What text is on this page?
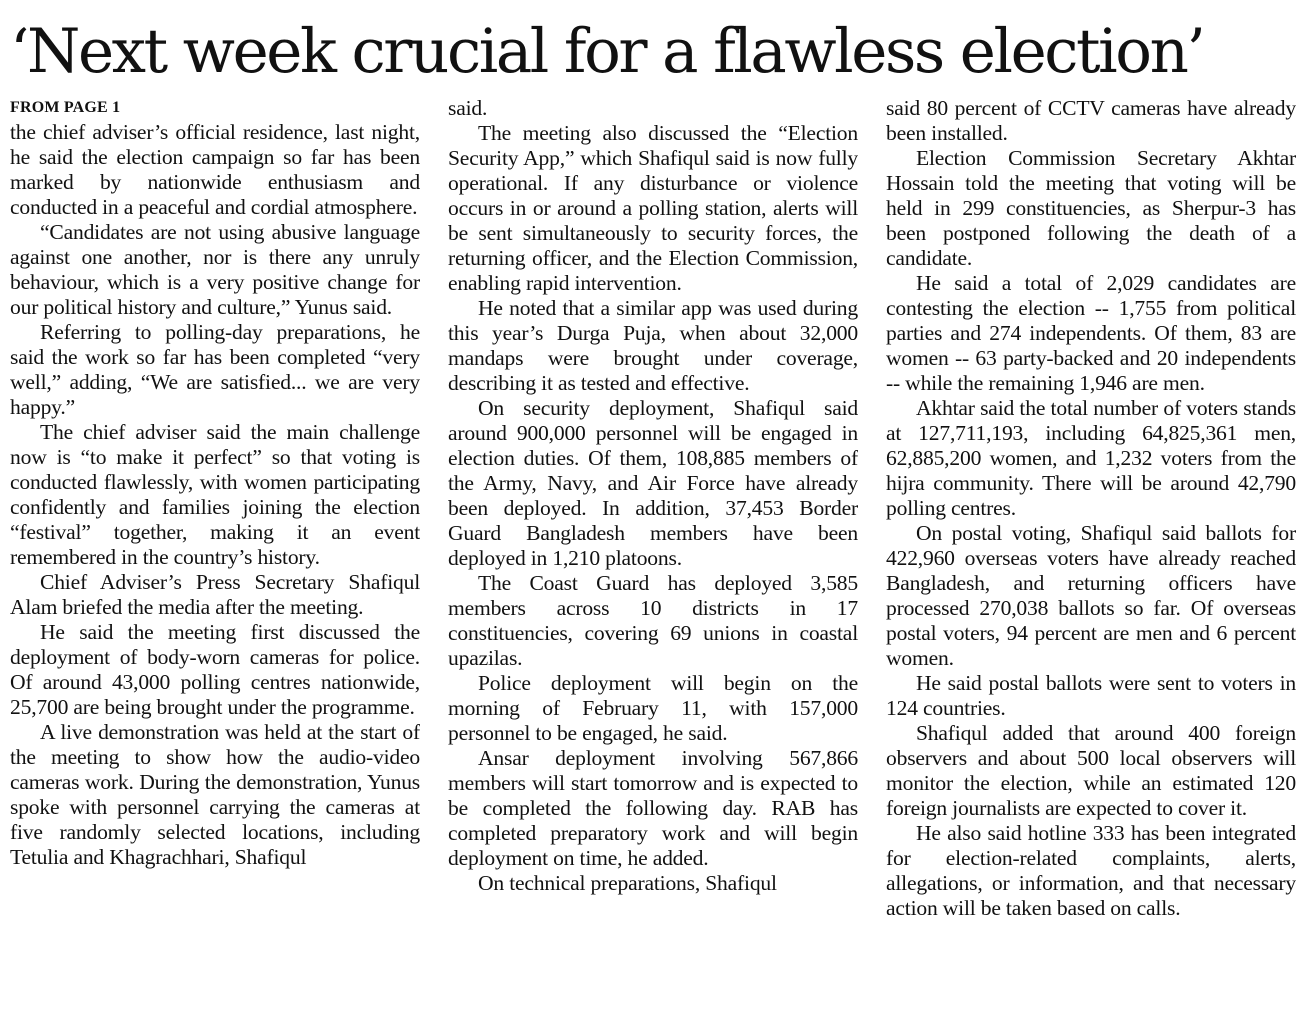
‘Next week crucial for a flawless election’
FROM PAGE 1

the chief adviser’s official residence, last night, he said the election campaign so far has been marked by nationwide enthusiasm and conducted in a peaceful and cordial atmosphere.

“Candidates are not using abusive language against one another, nor is there any unruly behaviour, which is a very positive change for our political history and culture,” Yunus said.

Referring to polling-day preparations, he said the work so far has been completed “very well,” adding, “We are satisfied... we are very happy.”

The chief adviser said the main challenge now is “to make it perfect” so that voting is conducted flawlessly, with women participating confidently and families joining the election “festival” together, making it an event remembered in the country’s history.

Chief Adviser’s Press Secretary Shafiqul Alam briefed the media after the meeting.

He said the meeting first discussed the deployment of body-worn cameras for police. Of around 43,000 polling centres nationwide, 25,700 are being brought under the programme.

A live demonstration was held at the start of the meeting to show how the audio-video cameras work. During the demonstration, Yunus spoke with personnel carrying the cameras at five randomly selected locations, including Tetulia and Khagrachhari, Shafiqul

said.

The meeting also discussed the “Election Security App,” which Shafiqul said is now fully operational. If any disturbance or violence occurs in or around a polling station, alerts will be sent simultaneously to security forces, the returning officer, and the Election Commission, enabling rapid intervention.

He noted that a similar app was used during this year’s Durga Puja, when about 32,000 mandaps were brought under coverage, describing it as tested and effective.

On security deployment, Shafiqul said around 900,000 personnel will be engaged in election duties. Of them, 108,885 members of the Army, Navy, and Air Force have already been deployed. In addition, 37,453 Border Guard Bangladesh members have been deployed in 1,210 platoons.

The Coast Guard has deployed 3,585 members across 10 districts in 17 constituencies, covering 69 unions in coastal upazilas.

Police deployment will begin on the morning of February 11, with 157,000 personnel to be engaged, he said.

Ansar deployment involving 567,866 members will start tomorrow and is expected to be completed the following day. RAB has completed preparatory work and will begin deployment on time, he added.

On technical preparations, Shafiqul

said 80 percent of CCTV cameras have already been installed.

Election Commission Secretary Akhtar Hossain told the meeting that voting will be held in 299 constituencies, as Sherpur-3 has been postponed following the death of a candidate.

He said a total of 2,029 candidates are contesting the election -- 1,755 from political parties and 274 independents. Of them, 83 are women -- 63 party-backed and 20 independents -- while the remaining 1,946 are men.

Akhtar said the total number of voters stands at 127,711,193, including 64,825,361 men, 62,885,200 women, and 1,232 voters from the hijra community. There will be around 42,790 polling centres.

On postal voting, Shafiqul said ballots for 422,960 overseas voters have already reached Bangladesh, and returning officers have processed 270,038 ballots so far. Of overseas postal voters, 94 percent are men and 6 percent women.

He said postal ballots were sent to voters in 124 countries.

Shafiqul added that around 400 foreign observers and about 500 local observers will monitor the election, while an estimated 120 foreign journalists are expected to cover it.

He also said hotline 333 has been integrated for election-related complaints, alerts, allegations, or information, and that necessary action will be taken based on calls.
